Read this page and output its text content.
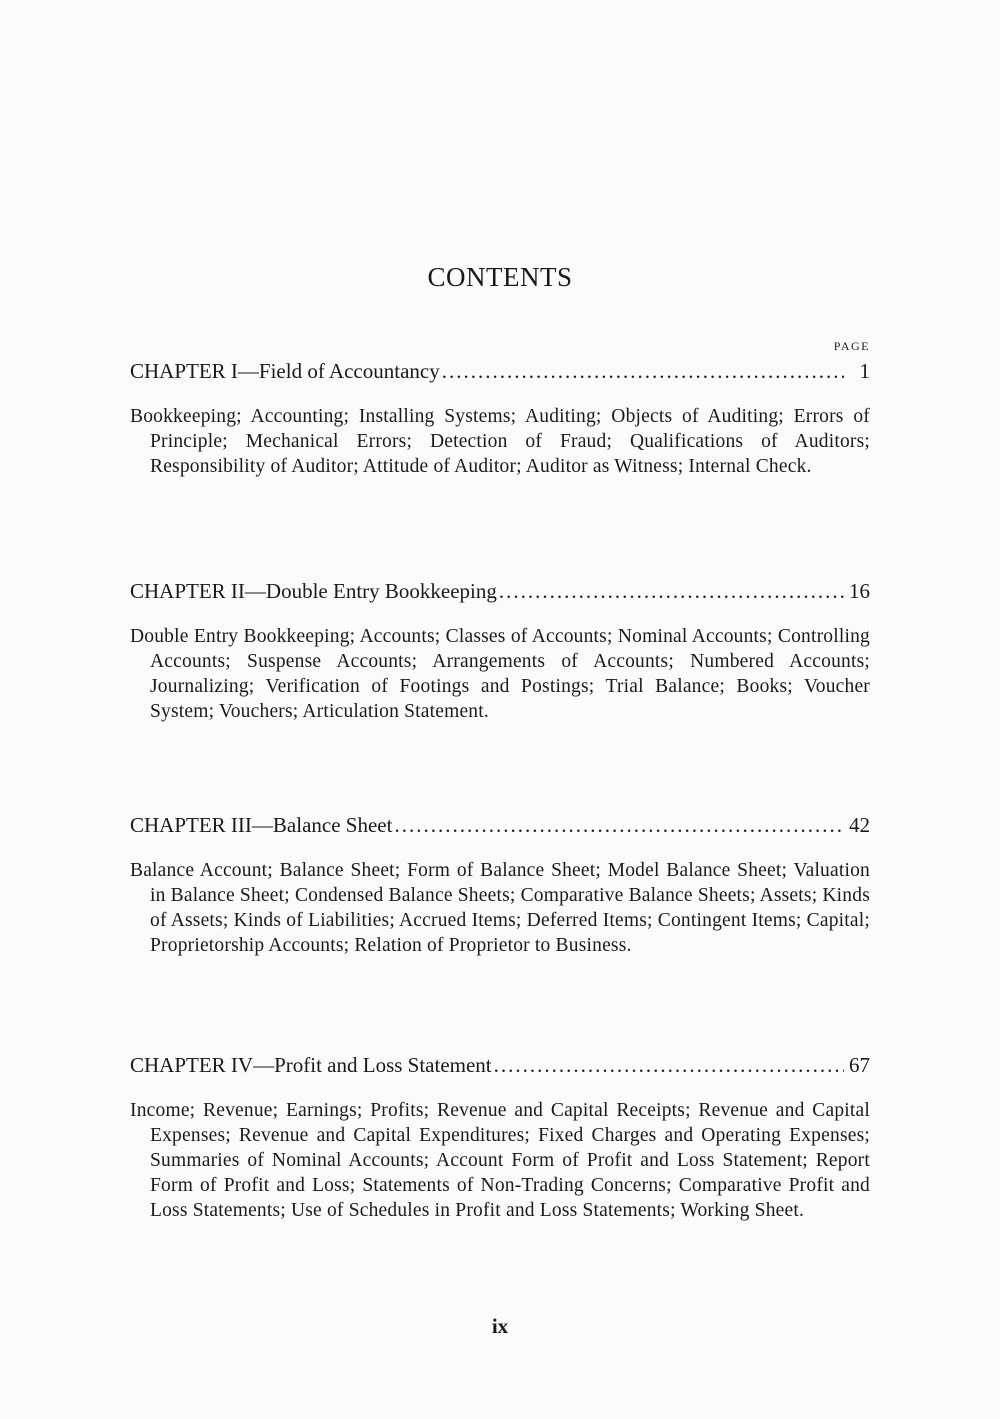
CONTENTS
PAGE
CHAPTER I—Field of Accountancy .....	1
Bookkeeping; Accounting; Installing Systems; Auditing; Objects of Auditing; Errors of Principle; Mechanical Errors; Detection of Fraud; Qualifications of Auditors; Responsibility of Auditor; Attitude of Auditor; Auditor as Witness; Internal Check.
CHAPTER II—Double Entry Bookkeeping .....	16
Double Entry Bookkeeping; Accounts; Classes of Accounts; Nominal Accounts; Controlling Accounts; Suspense Accounts; Arrangements of Accounts; Numbered Accounts; Journalizing; Verification of Footings and Postings; Trial Balance; Books; Voucher System; Vouchers; Articulation Statement.
CHAPTER III—Balance Sheet .....	42
Balance Account; Balance Sheet; Form of Balance Sheet; Model Balance Sheet; Valuation in Balance Sheet; Condensed Balance Sheets; Comparative Balance Sheets; Assets; Kinds of Assets; Kinds of Liabilities; Accrued Items; Deferred Items; Contingent Items; Capital; Proprietorship Accounts; Relation of Proprietor to Business.
CHAPTER IV—Profit and Loss Statement .....	67
Income; Revenue; Earnings; Profits; Revenue and Capital Receipts; Revenue and Capital Expenses; Revenue and Capital Expenditures; Fixed Charges and Operating Expenses; Summaries of Nominal Accounts; Account Form of Profit and Loss Statement; Report Form of Profit and Loss; Statements of Non-Trading Concerns; Comparative Profit and Loss Statements; Use of Schedules in Profit and Loss Statements; Working Sheet.
ix
